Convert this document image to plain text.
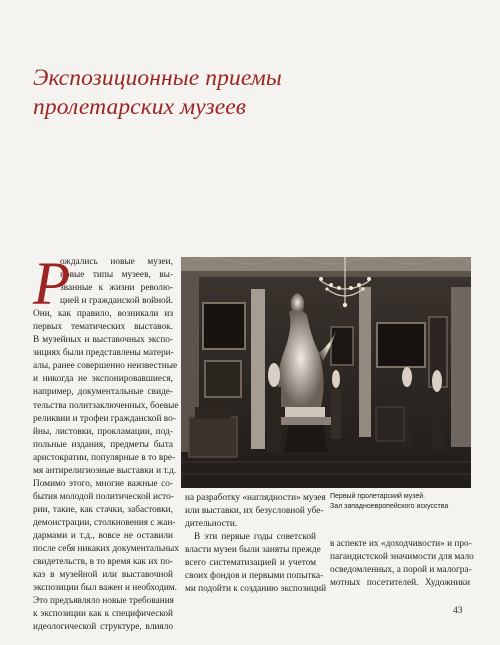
Экспозиционные приемы
пролетарских музеев
Р
ождались новые музеи,
новые типы музеев, вы-
званные к жизни револю-
цией и гражданской войной.
Они, как правило, возникали из
первых тематических выставок.
В музейных и выставочных экспо-
зициях были представлены матери-
алы, ранее совершенно неизвестные
и никогда не экспонировавшиеся,
например, документальные свиде-
тельства политзаключенных, боевые
реликвии и трофеи гражданской во-
йны, листовки, прокламации, под-
польные издания, предметы быта
аристократии, популярные в то вре-
мя антирелигиозные выставки и т.д.
Помимо этого, многие важные со-
бытия молодой политической исто-
рии, такие, как стачки, забастовки,
демонстрации, столкновения с жан-
дармами и т.д., вовсе не оставили
после себя никаких документальных
свидетельств, в то время как их по-
каз в музейной или выставочной
экспозиции был важен и необходим.
Это предъявляло новые требования
к экспозиции как к специфической
идеологической структуре, влияло
на разработку «наглядности» музея
или выставки, их безусловной убе-
дительности.
В эти первые годы советской
власти музеи были заняты прежде
всего систематизацией и учетом
своих фондов и первыми попытка-
ми подойти к созданию экспозиций
Первый пролетарский музей.
Зал западноевропейского искусства
в аспекте их «доходчивости» и про-
пагандистской значимости для мало
осведомленных, а порой и малогра-
мотных посетителей. Художники
43
